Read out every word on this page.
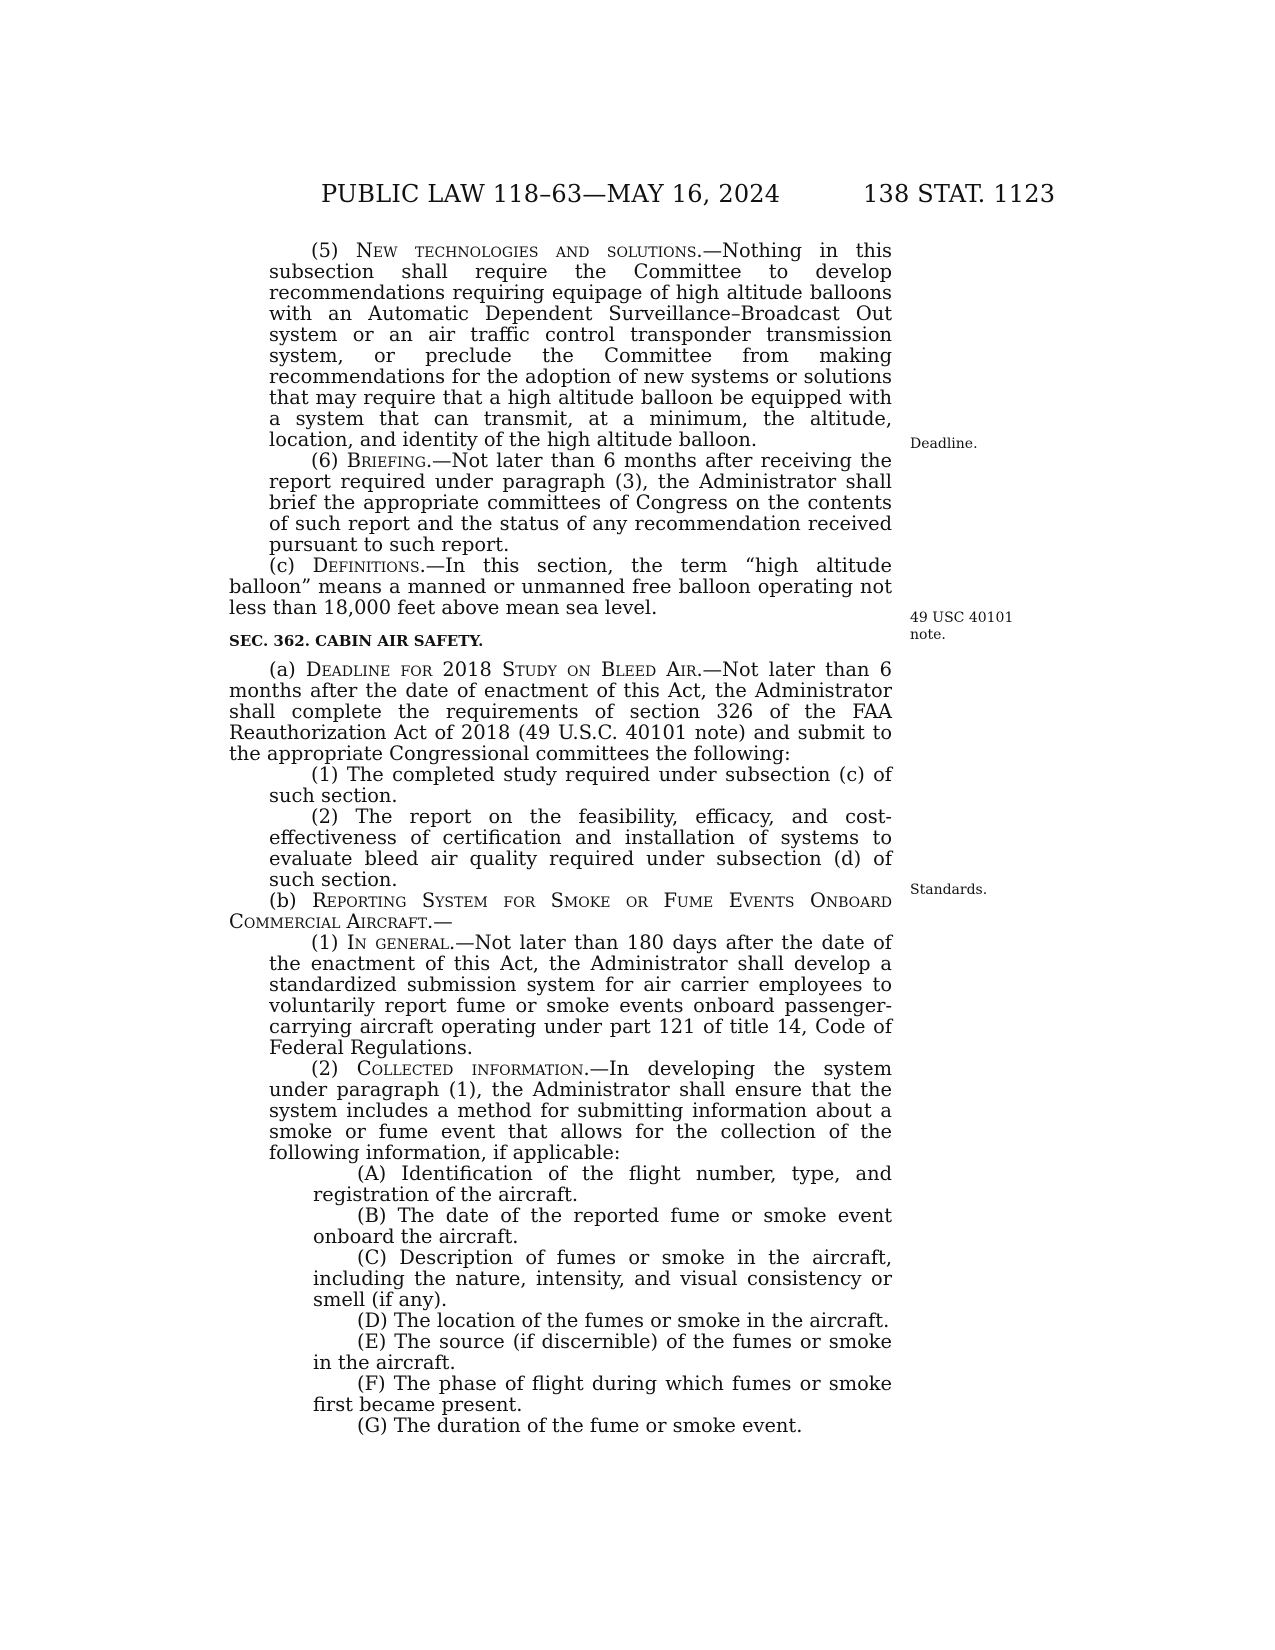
PUBLIC LAW 118–63—MAY 16, 2024	138 STAT. 1123
Deadline.
49 USC 40101
note.
Standards.

(5) New technologies and solutions.—Nothing in this subsection shall require the Committee to develop recommendations requiring equipage of high altitude balloons with an Automatic Dependent Surveillance–Broadcast Out system or an air traffic control transponder transmission system, or preclude the Committee from making recommendations for the adoption of new systems or solutions that may require that a high altitude balloon be equipped with a system that can transmit, at a minimum, the altitude, location, and identity of the high altitude balloon.

(6) Briefing.—Not later than 6 months after receiving the report required under paragraph (3), the Administrator shall brief the appropriate committees of Congress on the contents of such report and the status of any recommendation received pursuant to such report.

(c) Definitions.—In this section, the term “high altitude balloon” means a manned or unmanned free balloon operating not less than 18,000 feet above mean sea level.

SEC. 362. CABIN AIR SAFETY.

(a) Deadline for 2018 Study on Bleed Air.—Not later than 6 months after the date of enactment of this Act, the Administrator shall complete the requirements of section 326 of the FAA Reauthorization Act of 2018 (49 U.S.C. 40101 note) and submit to the appropriate Congressional committees the following:

(1) The completed study required under subsection (c) of such section.

(2) The report on the feasibility, efficacy, and cost-effectiveness of certification and installation of systems to evaluate bleed air quality required under subsection (d) of such section.

(b) Reporting System for Smoke or Fume Events Onboard Commercial Aircraft.—

(1) In general.—Not later than 180 days after the date of the enactment of this Act, the Administrator shall develop a standardized submission system for air carrier employees to voluntarily report fume or smoke events onboard passenger-carrying aircraft operating under part 121 of title 14, Code of Federal Regulations.

(2) Collected information.—In developing the system under paragraph (1), the Administrator shall ensure that the system includes a method for submitting information about a smoke or fume event that allows for the collection of the following information, if applicable:

(A) Identification of the flight number, type, and registration of the aircraft.

(B) The date of the reported fume or smoke event onboard the aircraft.

(C) Description of fumes or smoke in the aircraft, including the nature, intensity, and visual consistency or smell (if any).

(D) The location of the fumes or smoke in the aircraft.

(E) The source (if discernible) of the fumes or smoke in the aircraft.

(F) The phase of flight during which fumes or smoke first became present.

(G) The duration of the fume or smoke event.
